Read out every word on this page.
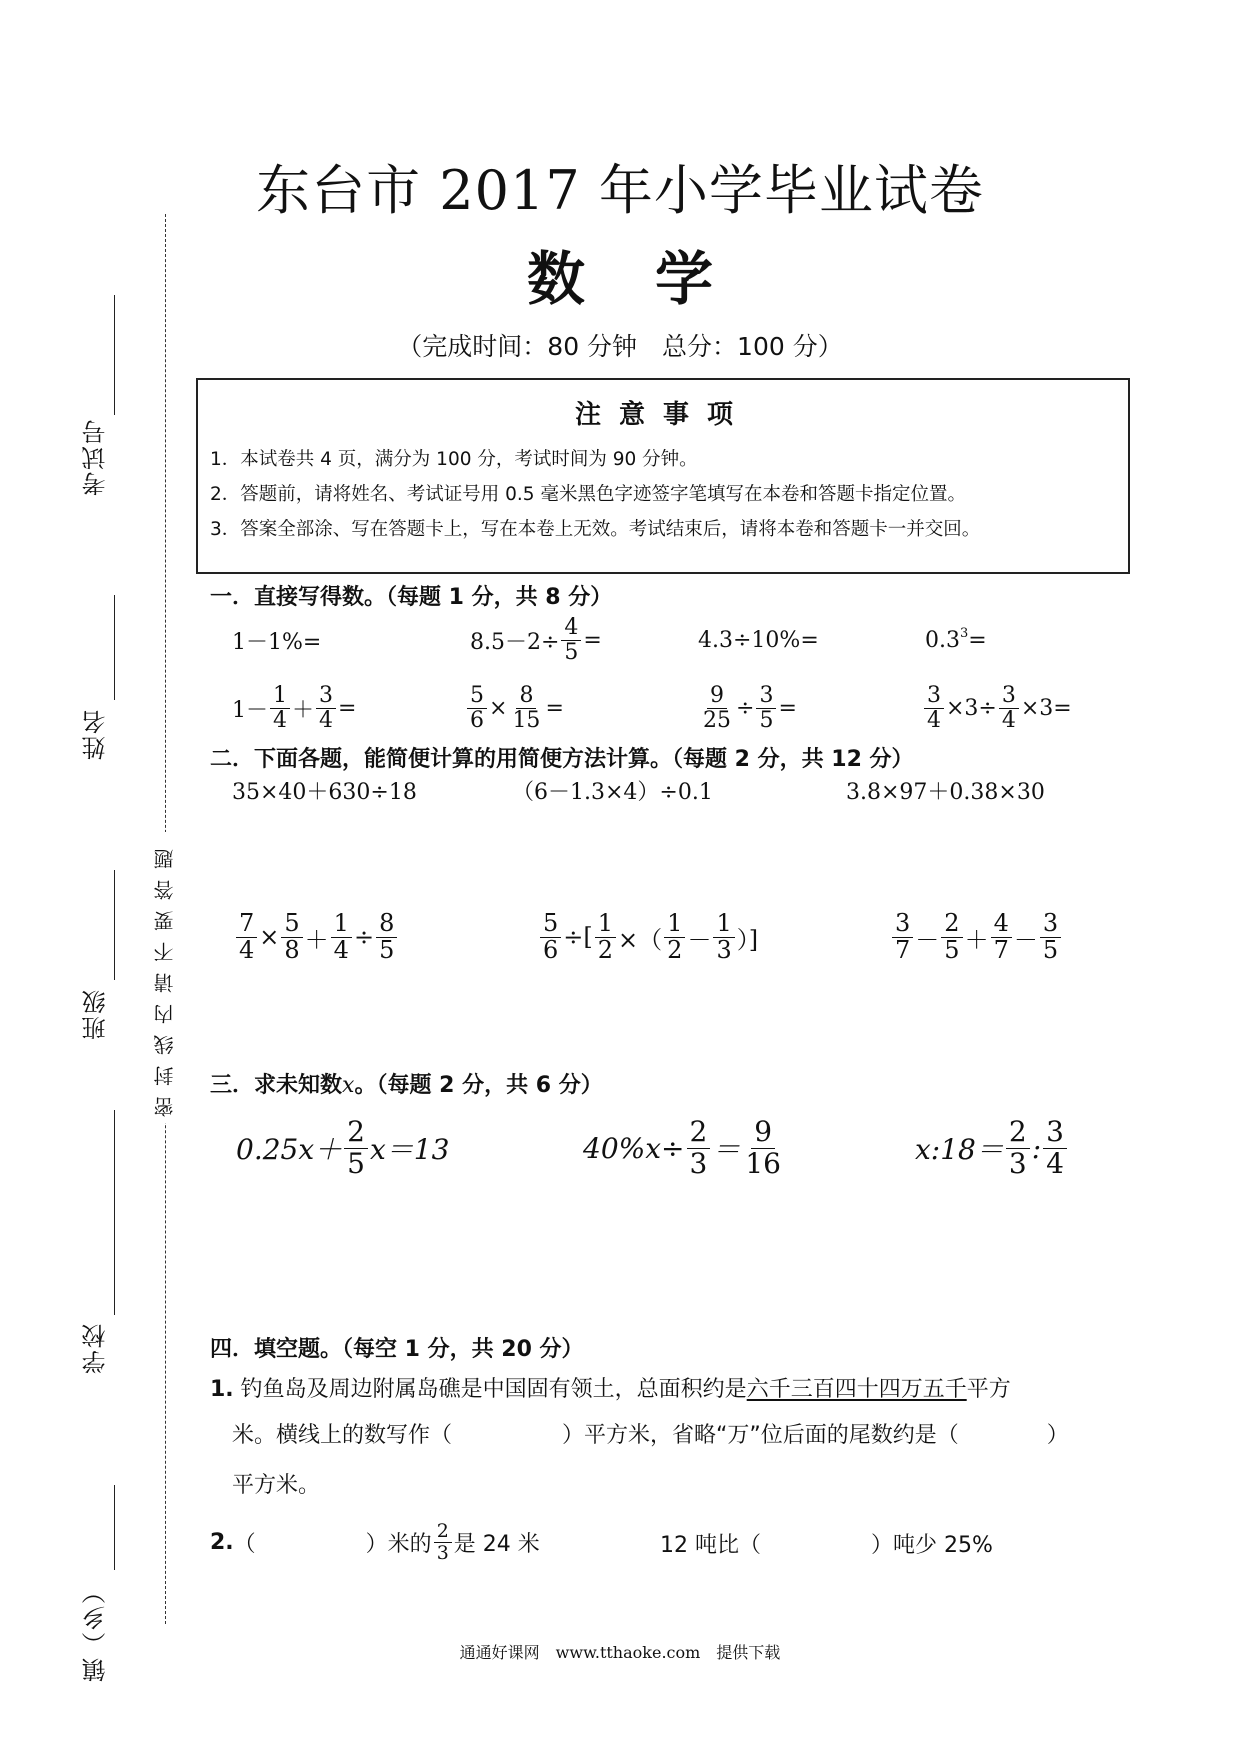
考试号
姓名
班级
学校
镇（乡）
密封线内请不要答题
东台市 2017 年小学毕业试卷
数学
（完成时间：80 分钟　总分：100 分）
注意事项
1．本试卷共 4 页，满分为 100 分，考试时间为 90 分钟。
2．答题前，请将姓名、考试证号用 0.5 毫米黑色字迹签字笔填写在本卷和答题卡指定位置。
3．答案全部涂、写在答题卡上，写在本卷上无效。考试结束后，请将本卷和答题卡一并交回。
一．直接写得数。（每题 1 分，共 8 分）
1－1%=	$8.5-2\div \frac{4}{5}$ =	4.3÷10%=	$0.3^3$ =
$1- \frac{1}{4} + \frac{3}{4}$ =	$\frac{5}{6} \times \frac{8}{15}$ =	$\frac{9}{25} \div \frac{3}{5}$ =	$\frac{3}{4} \times 3\div \frac{3}{4} \times 3=$
二．下面各题，能简便计算的用简便方法计算。（每题 2 分，共 12 分）
35×40＋630÷18	（6－1.3×4）÷0.1	3.8×97＋0.38×30
$\frac{7}{4} \times \frac{5}{8} + \frac{1}{4} \div \frac{8}{5}$	$\frac{5}{6}$ ÷[ $\frac{1}{2}$ ×（ $\frac{1}{2} - \frac{1}{3}$ ）]	$\frac{3}{7} - \frac{2}{5} + \frac{4}{7} - \frac{3}{5}$
三．求未知数x。（每题 2 分，共 6 分）
$0.25x+ \frac{2}{5} x=13$	$40\%x\div \frac{2}{3} = \frac{9}{16}$	x:18＝ $\frac{2}{3}$ : $\frac{3}{4}$
四．填空题。（每空 1 分，共 20 分）
1. 钓鱼岛及周边附属岛礁是中国固有领土，总面积约是六千三百四十四万五千平方
米。横线上的数写作（　　　　　）平方米，省略“万”位后面的尾数约是（　　　　）
平方米。
2. （　　　　　）米的 $\frac{2}{3}$ 是 24 米	12 吨比（　　　　　）吨少 25%
通通好课网　www.tthaoke.com　提供下载
